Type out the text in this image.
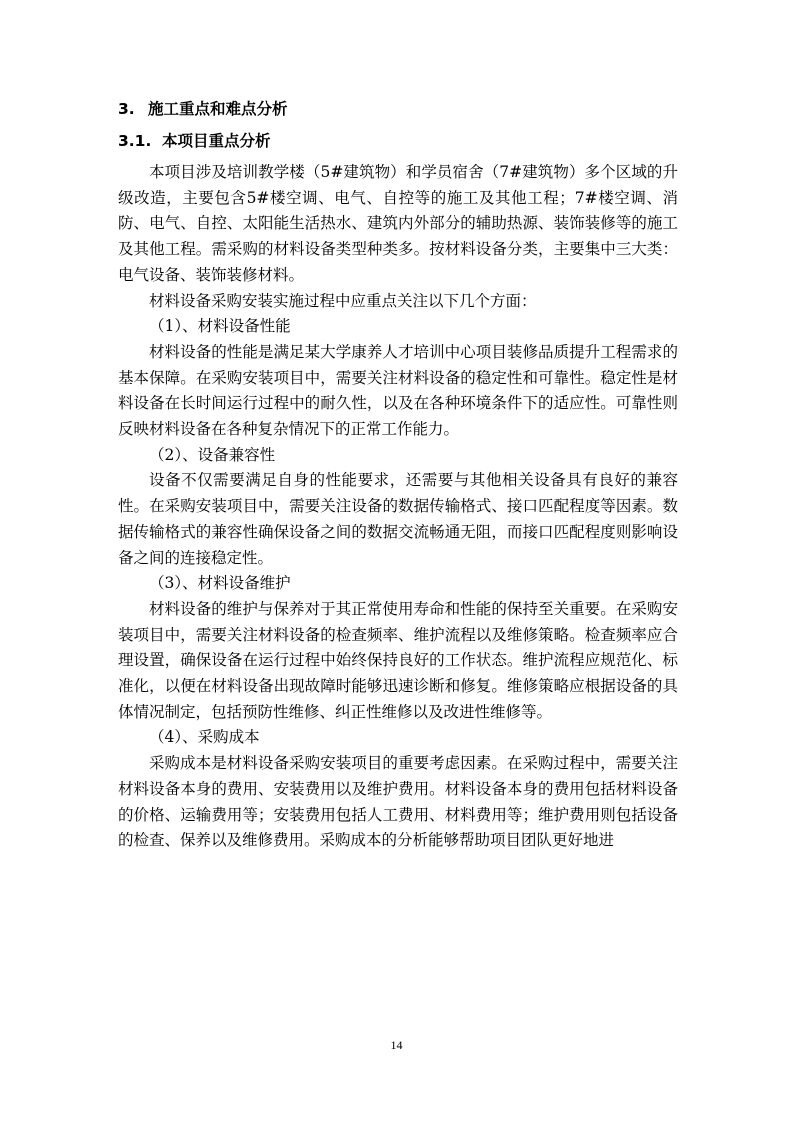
3. 施工重点和难点分析
3.1. 本项目重点分析

本项目涉及培训教学楼（5#建筑物）和学员宿舍（7#建筑物）多个区域的升级改造，主要包含5#楼空调、电气、自控等的施工及其他工程；7#楼空调、消防、电气、自控、太阳能生活热水、建筑内外部分的辅助热源、装饰装修等的施工及其他工程。需采购的材料设备类型种类多。按材料设备分类，主要集中三大类：电气设备、装饰装修材料。

材料设备采购安装实施过程中应重点关注以下几个方面：

（1）、材料设备性能

材料设备的性能是满足某大学康养人才培训中心项目装修品质提升工程需求的基本保障。在采购安装项目中，需要关注材料设备的稳定性和可靠性。稳定性是材料设备在长时间运行过程中的耐久性，以及在各种环境条件下的适应性。可靠性则反映材料设备在各种复杂情况下的正常工作能力。

（2）、设备兼容性

设备不仅需要满足自身的性能要求，还需要与其他相关设备具有良好的兼容性。在采购安装项目中，需要关注设备的数据传输格式、接口匹配程度等因素。数据传输格式的兼容性确保设备之间的数据交流畅通无阻，而接口匹配程度则影响设备之间的连接稳定性。

（3）、材料设备维护

材料设备的维护与保养对于其正常使用寿命和性能的保持至关重要。在采购安装项目中，需要关注材料设备的检查频率、维护流程以及维修策略。检查频率应合理设置，确保设备在运行过程中始终保持良好的工作状态。维护流程应规范化、标准化，以便在材料设备出现故障时能够迅速诊断和修复。维修策略应根据设备的具体情况制定，包括预防性维修、纠正性维修以及改进性维修等。

（4）、采购成本

采购成本是材料设备采购安装项目的重要考虑因素。在采购过程中，需要关注材料设备本身的费用、安装费用以及维护费用。材料设备本身的费用包括材料设备的价格、运输费用等；安装费用包括人工费用、材料费用等；维护费用则包括设备的检查、保养以及维修费用。采购成本的分析能够帮助项目团队更好地进

14
